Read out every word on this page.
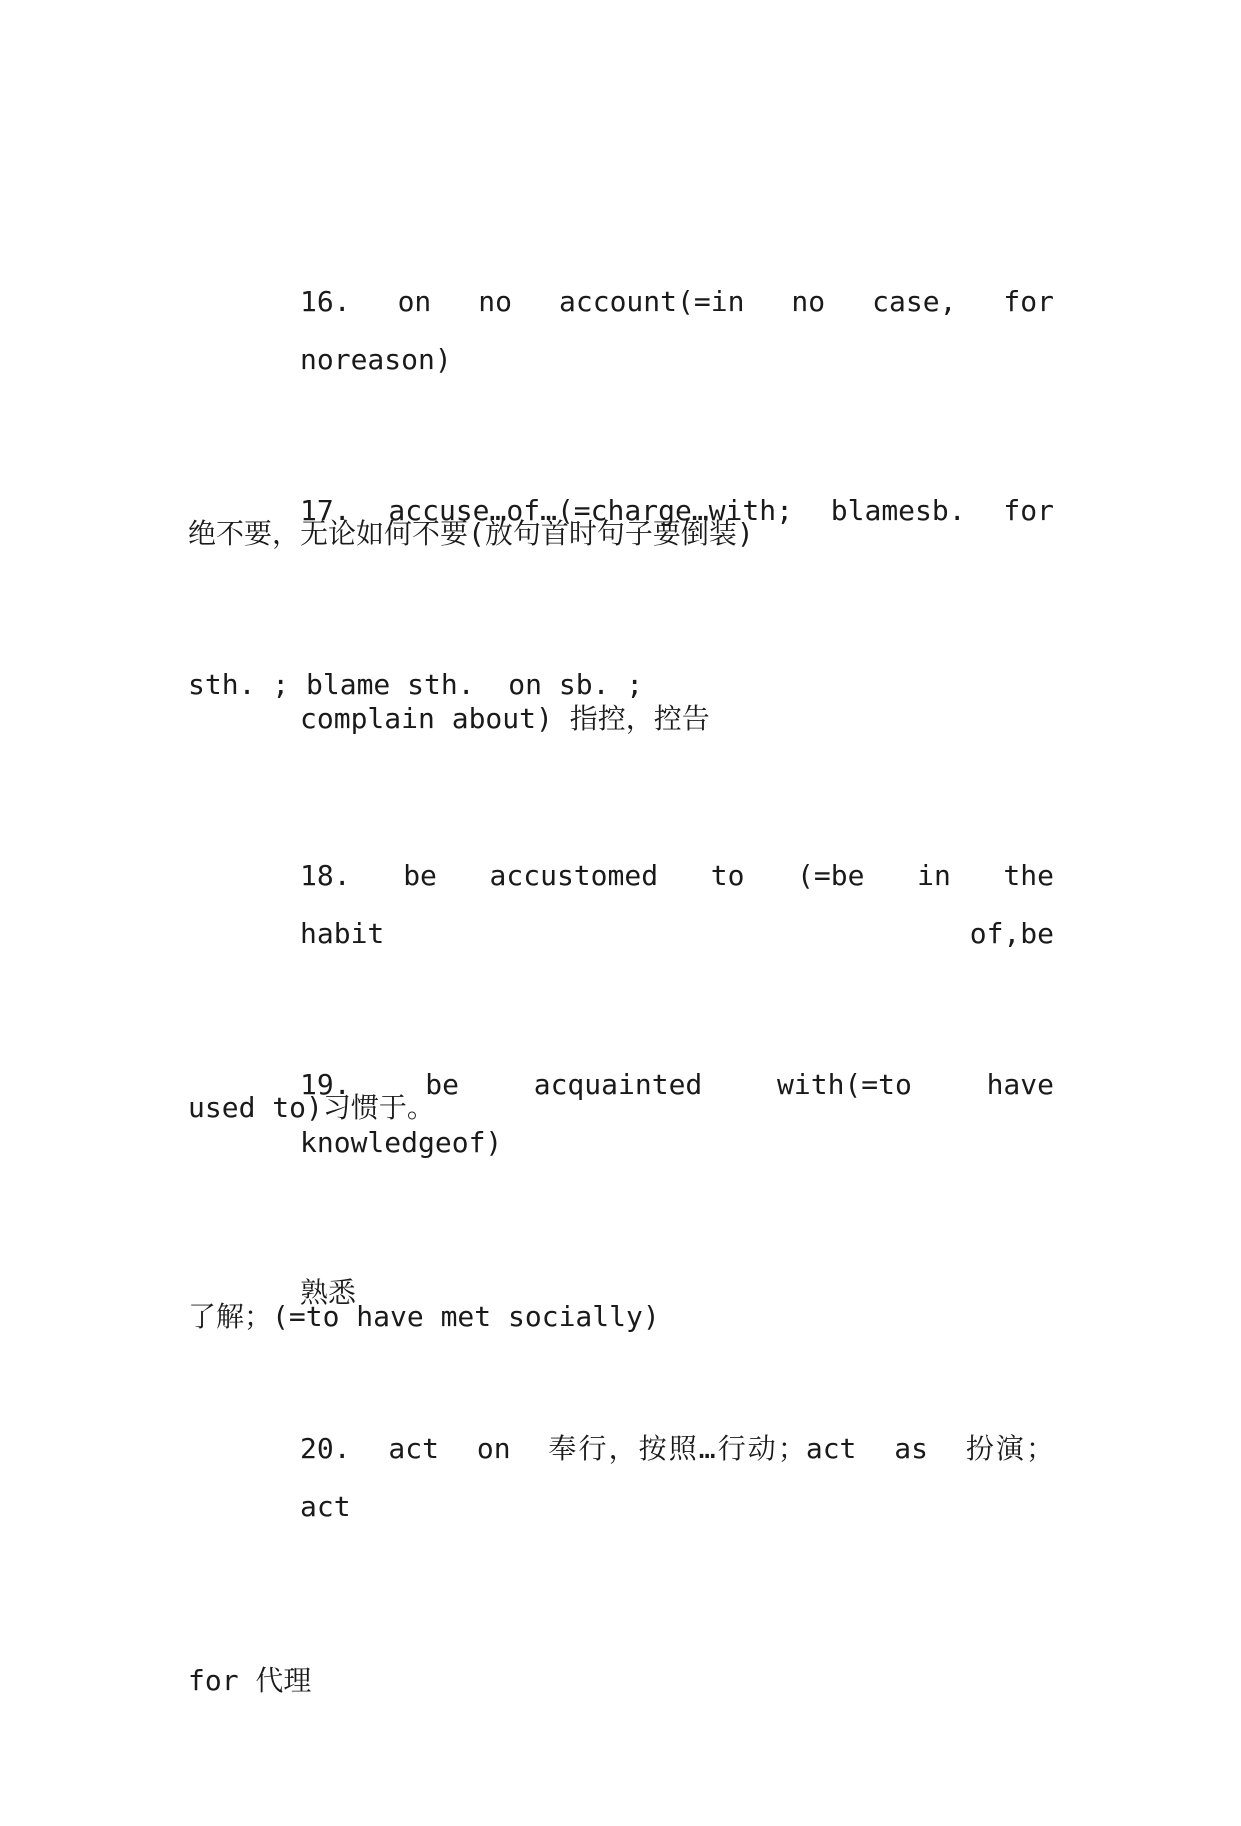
16.  on  no  account(=in  no  case,  for  noreason)

绝不要，无论如何不要(放句首时句子要倒装)

17.  accuse…of…(=charge…with;  blamesb.  for

sth. ; blame sth.  on sb. ;

complain about) 指控，控告

18.  be  accustomed  to  (=be  in  the  habit  of,be

used to)习惯于。

19.  be  acquainted  with(=to  have  knowledgeof)

了解；(=to have met socially)

熟悉

20.  act  on  奉行，按照…行动；act  as  扮演；act

for 代理
